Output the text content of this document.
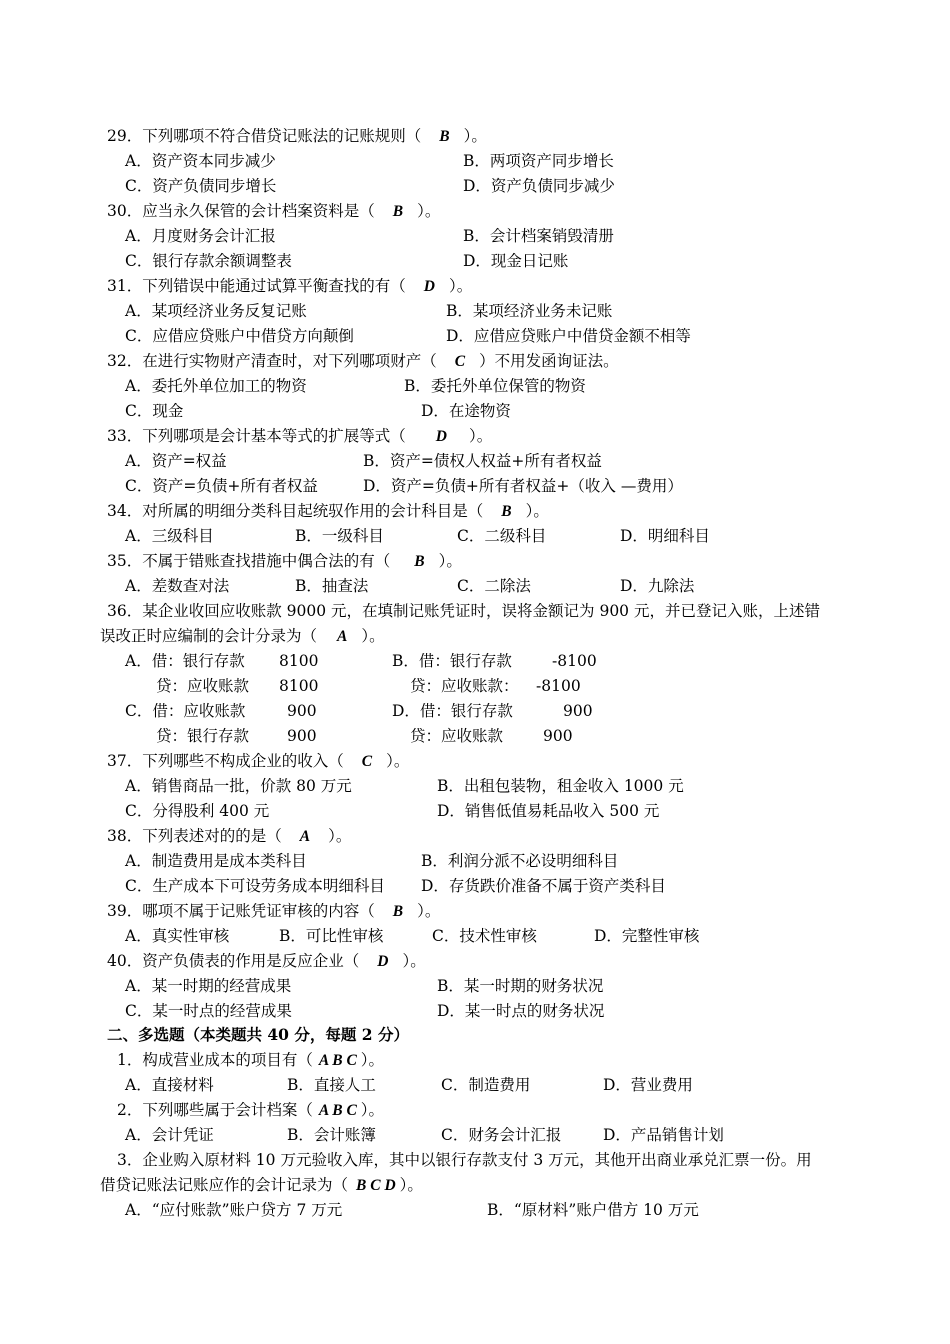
29．下列哪项不符合借贷记账法的记账规则（ B ）。
A．资产资本同步减少	B．两项资产同步增长
C．资产负债同步增长	D．资产负债同步减少
30．应当永久保管的会计档案资料是（ B ）。
A．月度财务会计汇报	B．会计档案销毁清册
C．银行存款余额调整表	D．现金日记账
31．下列错误中能通过试算平衡查找的有（ D ）。
A．某项经济业务反复记账	B．某项经济业务未记账
C．应借应贷账户中借贷方向颠倒	D．应借应贷账户中借贷金额不相等
32．在进行实物财产清查时，对下列哪项财产（ C ）不用发函询证法。
A．委托外单位加工的物资	B．委托外单位保管的物资
C．现金	D．在途物资
33．下列哪项是会计基本等式的扩展等式（ D ）。
A．资产=权益	B．资产=债权人权益+所有者权益
C．资产=负债+所有者权益	D．资产=负债+所有者权益+（收入 —费用）
34．对所属的明细分类科目起统驭作用的会计科目是（ B ）。
A．三级科目	B．一级科目	C．二级科目	D．明细科目
35．不属于错账查找措施中偶合法的有（ B ）。
A．差数查对法	B．抽查法	C．二除法	D．九除法
36．某企业收回应收账款 9000 元，在填制记账凭证时，误将金额记为 900 元，并已登记入账，上述错
误改正时应编制的会计分录为（ A ）。
A．借：银行存款 8100	B．借：银行存款	-8100
贷：应收账款 8100	贷：应收账款： -8100
C．借：应收账款	900	D．借：银行存款	900
贷：银行存款 900	贷：应收账款	900
37．下列哪些不构成企业的收入（ C ）。
A．销售商品一批，价款 80 万元	B．出租包装物，租金收入 1000 元
C．分得股利 400 元	D．销售低值易耗品收入 500 元
38．下列表述对的的是（ A ）。
A．制造费用是成本类科目	B．利润分派不必设明细科目
C．生产成本下可设劳务成本明细科目 D．存货跌价准备不属于资产类科目
39．哪项不属于记账凭证审核的内容（ B ）。
A．真实性审核	B．可比性审核	C．技术性审核	D．完整性审核
40．资产负债表的作用是反应企业（ D ）。
A．某一时期的经营成果	B．某一时期的财务状况
C．某一时点的经营成果	D．某一时点的财务状况
二、多选题（本类题共 40 分，每题 2 分）
1．构成营业成本的项目有（ A B C ）。
A．直接材料	B．直接人工	C．制造费用	D．营业费用
2．下列哪些属于会计档案（ A B C ）。
A．会计凭证	B．会计账簿	C．财务会计汇报	D．产品销售计划
3．企业购入原材料 10 万元验收入库，其中以银行存款支付 3 万元，其他开出商业承兑汇票一份。用
借贷记账法记账应作的会计记录为（ B C D ）。
A．“应付账款”账户贷方 7 万元	B．“原材料”账户借方 10 万元
